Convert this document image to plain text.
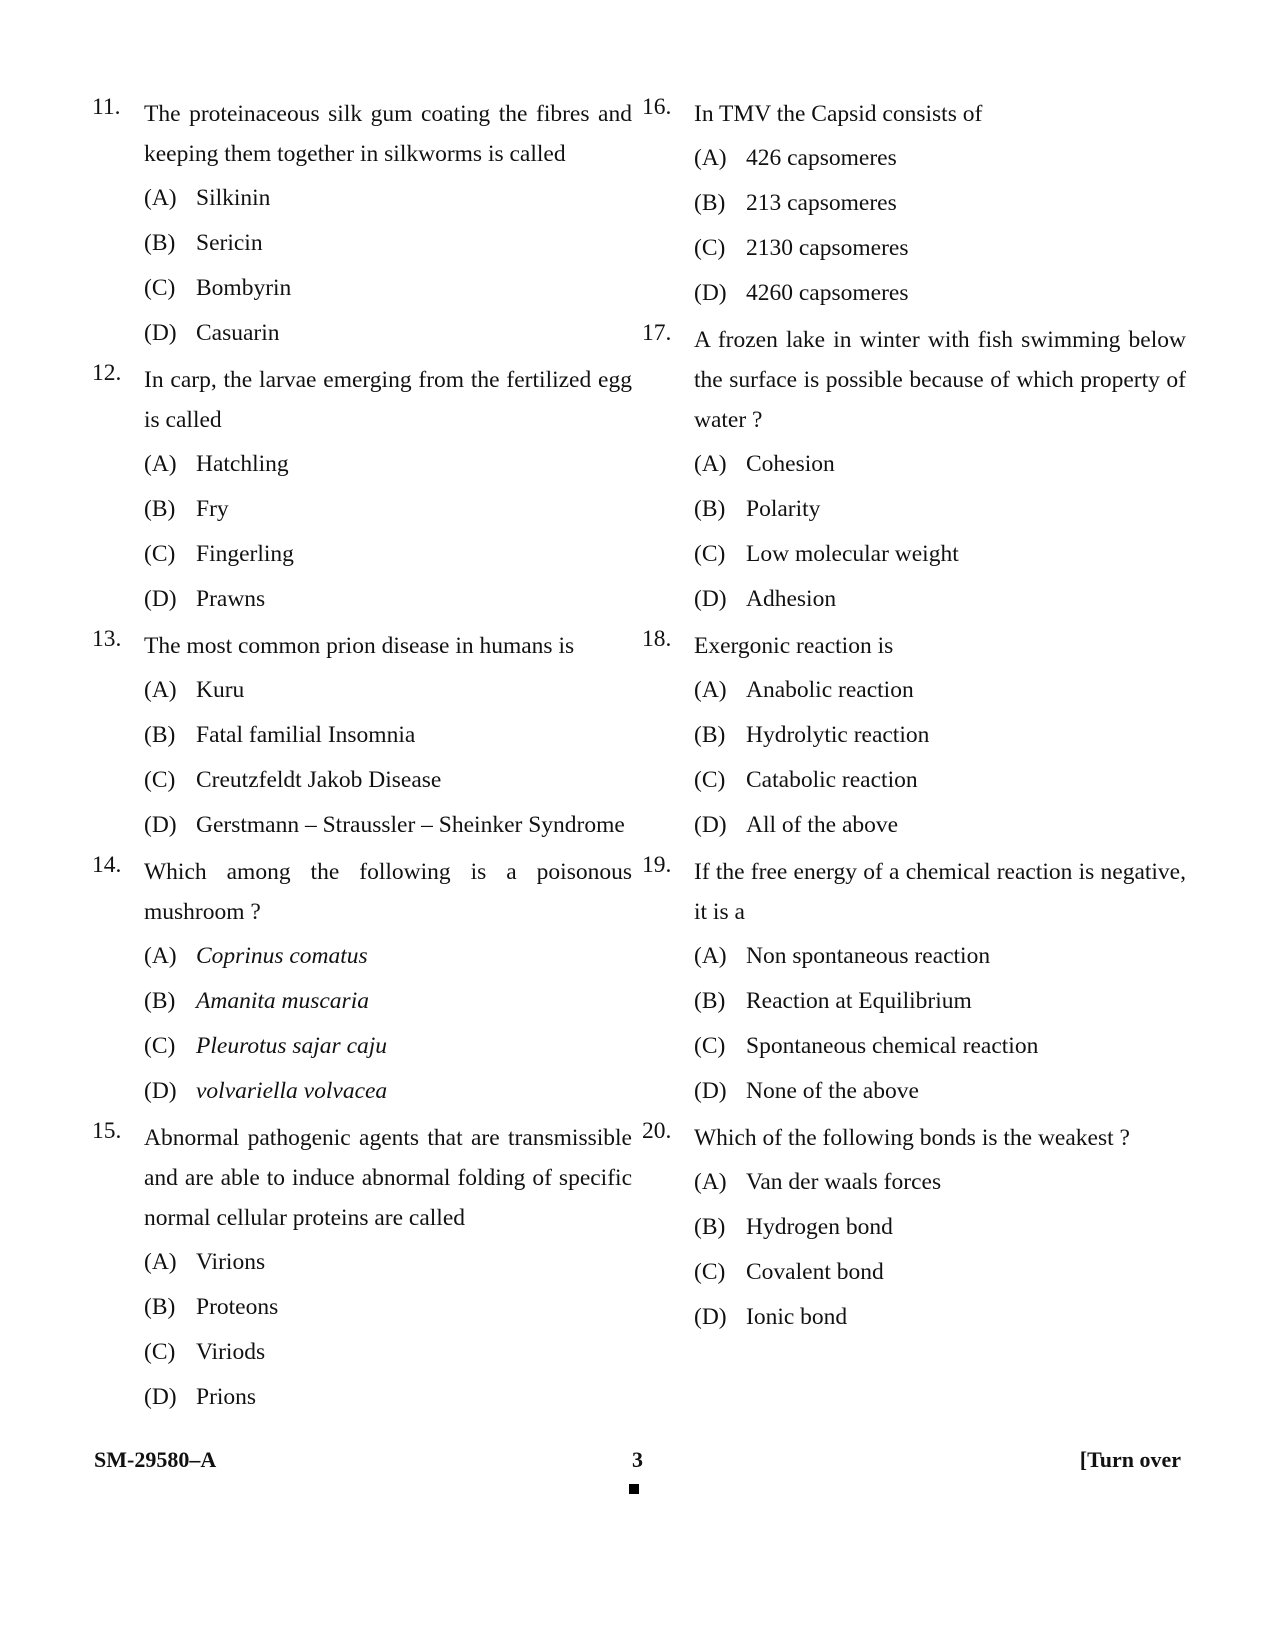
11. The proteinaceous silk gum coating the fibres and keeping them together in silkworms is called
(A) Silkinin
(B) Sericin
(C) Bombyrin
(D) Casuarin
12. In carp, the larvae emerging from the fertilized egg is called
(A) Hatchling
(B) Fry
(C) Fingerling
(D) Prawns
13. The most common prion disease in humans is
(A) Kuru
(B) Fatal familial Insomnia
(C) Creutzfeldt Jakob Disease
(D) Gerstmann – Straussler – Sheinker Syndrome
14. Which among the following is a poisonous mushroom ?
(A) Coprinus comatus
(B) Amanita muscaria
(C) Pleurotus sajar caju
(D) volvariella volvacea
15. Abnormal pathogenic agents that are transmissible and are able to induce abnormal folding of specific normal cellular proteins are called
(A) Virions
(B) Proteons
(C) Viriods
(D) Prions
16. In TMV the Capsid consists of
(A) 426 capsomeres
(B) 213 capsomeres
(C) 2130 capsomeres
(D) 4260 capsomeres
17. A frozen lake in winter with fish swimming below the surface is possible because of which property of water ?
(A) Cohesion
(B) Polarity
(C) Low molecular weight
(D) Adhesion
18. Exergonic reaction is
(A) Anabolic reaction
(B) Hydrolytic reaction
(C) Catabolic reaction
(D) All of the above
19. If the free energy of a chemical reaction is negative, it is a
(A) Non spontaneous reaction
(B) Reaction at Equilibrium
(C) Spontaneous chemical reaction
(D) None of the above
20. Which of the following bonds is the weakest ?
(A) Van der waals forces
(B) Hydrogen bond
(C) Covalent bond
(D) Ionic bond
SM-29580–A	3	[Turn over
